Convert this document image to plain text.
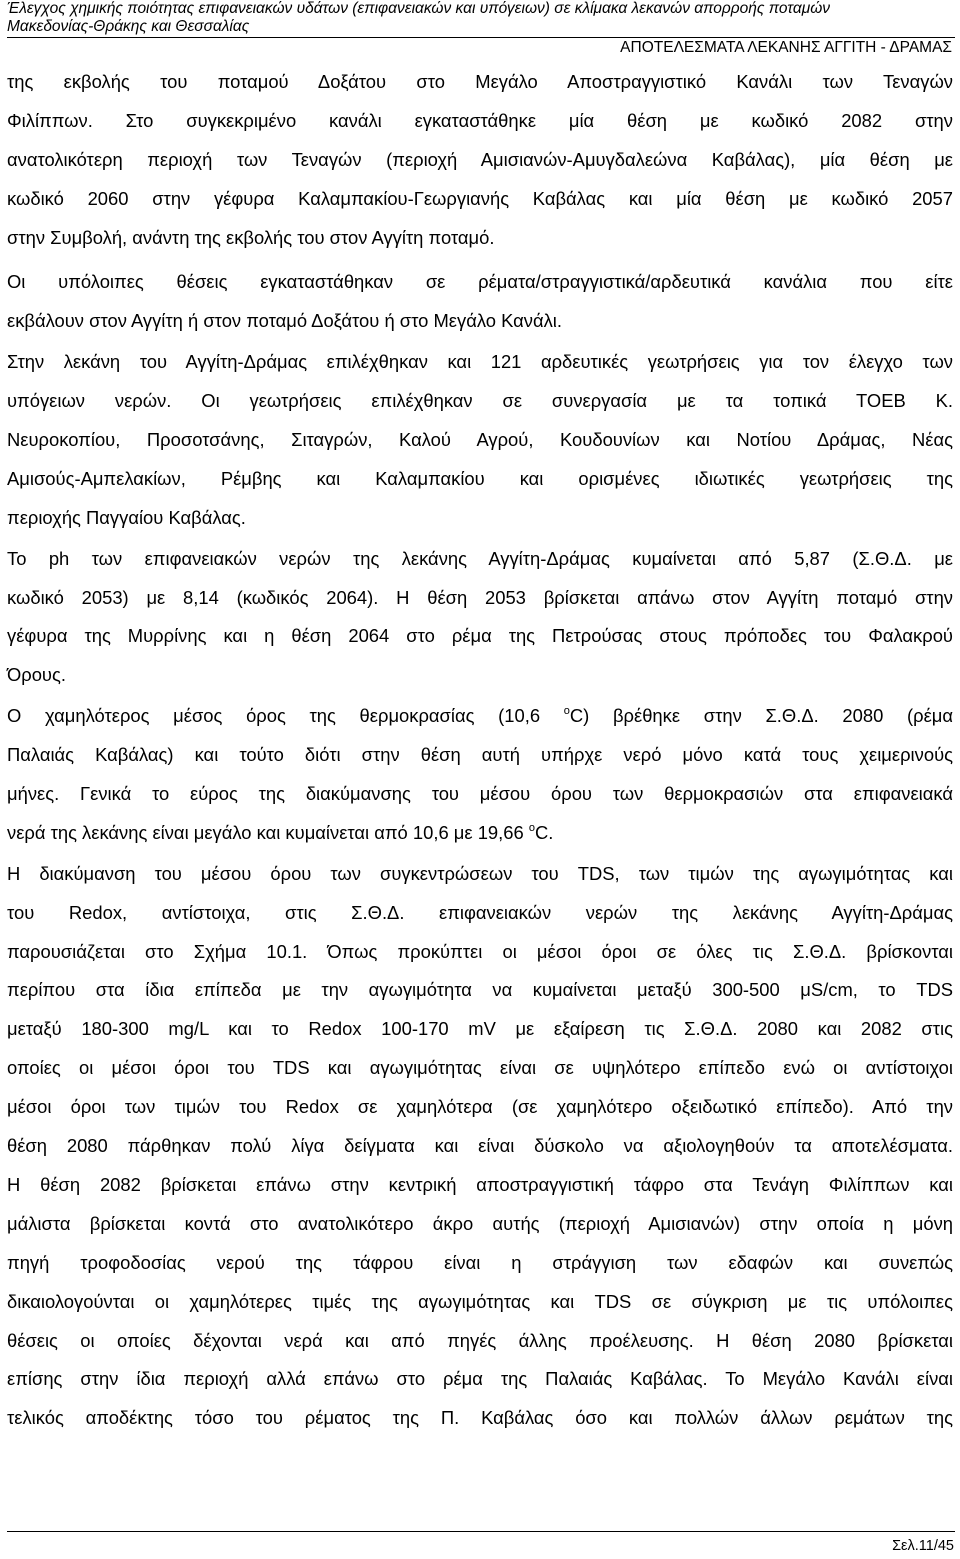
Έλεγχος χημικής ποιότητας επιφανειακών υδάτων (επιφανειακών και υπόγειων) σε κλίμακα λεκανών απορροής ποταμών
Μακεδονίας-Θράκης και Θεσσαλίας
ΑΠΟΤΕΛΕΣΜΑΤΑ ΛΕΚΑΝΗΣ ΑΓΓΙΤΗ - ΔΡΑΜΑΣ
της εκβολής του ποταμού Δοξάτου στο Μεγάλο Αποστραγγιστικό Κανάλι των Τεναγών
Φιλίππων. Στο συγκεκριμένο κανάλι εγκαταστάθηκε μία θέση με κωδικό 2082 στην
ανατολικότερη περιοχή των Τεναγών (περιοχή Αμισιανών-Αμυγδαλεώνα Καβάλας), μία θέση με
κωδικό 2060 στην γέφυρα Καλαμπακίου-Γεωργιανής Καβάλας και μία θέση με κωδικό 2057
στην Συμβολή, ανάντη της εκβολής του στον Αγγίτη ποταμό.
Οι υπόλοιπες θέσεις εγκαταστάθηκαν σε ρέματα/στραγγιστικά/αρδευτικά κανάλια που είτε
εκβάλουν στον Αγγίτη ή στον ποταμό Δοξάτου ή στο Μεγάλο Κανάλι.
Στην λεκάνη του Αγγίτη-Δράμας επιλέχθηκαν και 121 αρδευτικές γεωτρήσεις για τον έλεγχο των
υπόγειων νερών. Οι γεωτρήσεις επιλέχθηκαν σε συνεργασία με τα τοπικά ΤΟΕΒ Κ.
Νευροκοπίου, Προσοτσάνης, Σιταγρών, Καλού Αγρού, Κουδουνίων και Νοτίου Δράμας, Νέας
Αμισούς-Αμπελακίων, Ρέμβης και Καλαμπακίου και ορισμένες ιδιωτικές γεωτρήσεις της
περιοχής Παγγαίου Καβάλας.
Το ph των επιφανειακών νερών της λεκάνης Αγγίτη-Δράμας κυμαίνεται από 5,87 (Σ.Θ.Δ. με
κωδικό 2053) με 8,14 (κωδικός 2064). Η θέση 2053 βρίσκεται απάνω στον Αγγίτη ποταμό στην
γέφυρα της Μυρρίνης και η θέση 2064 στο ρέμα της Πετρούσας στους πρόποδες του Φαλακρού
Όρους.
Ο χαμηλότερος μέσος όρος της θερμοκρασίας (10,6 $^o$C) βρέθηκε στην Σ.Θ.Δ. 2080 (ρέμα
Παλαιάς Καβάλας) και τούτο διότι στην θέση αυτή υπήρχε νερό μόνο κατά τους χειμερινούς
μήνες. Γενικά το εύρος της διακύμανσης του μέσου όρου των θερμοκρασιών στα επιφανειακά
νερά της λεκάνης είναι μεγάλο και κυμαίνεται από 10,6 με 19,66 $^o$C.
Η διακύμανση του μέσου όρου των συγκεντρώσεων του TDS, των τιμών της αγωγιμότητας και
του Redox, αντίστοιχα, στις Σ.Θ.Δ. επιφανειακών νερών της λεκάνης Αγγίτη-Δράμας
παρουσιάζεται στο Σχήμα 10.1. Όπως προκύπτει οι μέσοι όροι σε όλες τις Σ.Θ.Δ. βρίσκονται
περίπου στα ίδια επίπεδα με την αγωγιμότητα να κυμαίνεται μεταξύ 300-500 μS/cm, το TDS
μεταξύ 180-300 mg/L και το Redox 100-170 mV με εξαίρεση τις Σ.Θ.Δ. 2080 και 2082 στις
οποίες οι μέσοι όροι του TDS και αγωγιμότητας είναι σε υψηλότερο επίπεδο ενώ οι αντίστοιχοι
μέσοι όροι των τιμών του Redox σε χαμηλότερα (σε χαμηλότερο οξειδωτικό επίπεδο). Από την
θέση 2080 πάρθηκαν πολύ λίγα δείγματα και είναι δύσκολο να αξιολογηθούν τα αποτελέσματα.
Η θέση 2082 βρίσκεται επάνω στην κεντρική αποστραγγιστική τάφρο στα Τενάγη Φιλίππων και
μάλιστα βρίσκεται κοντά στο ανατολικότερο άκρο αυτής (περιοχή Αμισιανών) στην οποία η μόνη
πηγή τροφοδοσίας νερού της τάφρου είναι η στράγγιση των εδαφών και συνεπώς
δικαιολογούνται οι χαμηλότερες τιμές της αγωγιμότητας και TDS σε σύγκριση με τις υπόλοιπες
θέσεις οι οποίες δέχονται νερά και από πηγές άλλης προέλευσης. Η θέση 2080 βρίσκεται
επίσης στην ίδια περιοχή αλλά επάνω στο ρέμα της Παλαιάς Καβάλας. Το Μεγάλο Κανάλι είναι
τελικός αποδέκτης τόσο του ρέματος της Π. Καβάλας όσο και πολλών άλλων ρεμάτων της
Σελ.11/45
